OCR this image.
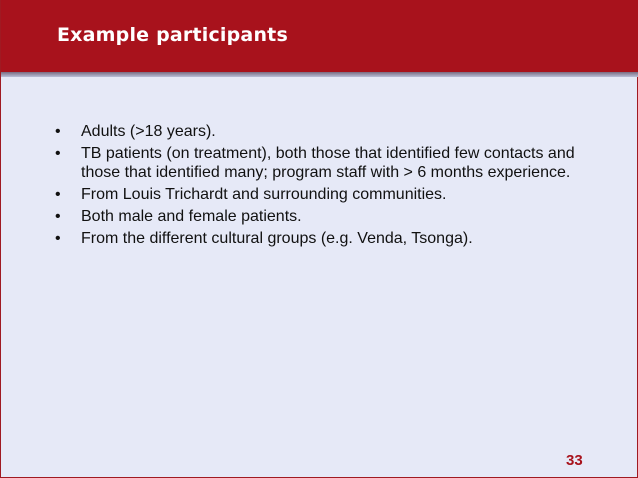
Example participants
• Adults (>18 years).
• TB patients (on treatment), both those that identified few contacts and those that identified many; program staff with > 6 months experience.
• From Louis Trichardt and surrounding communities.
• Both male and female patients.
• From the different cultural groups (e.g. Venda, Tsonga).
33
